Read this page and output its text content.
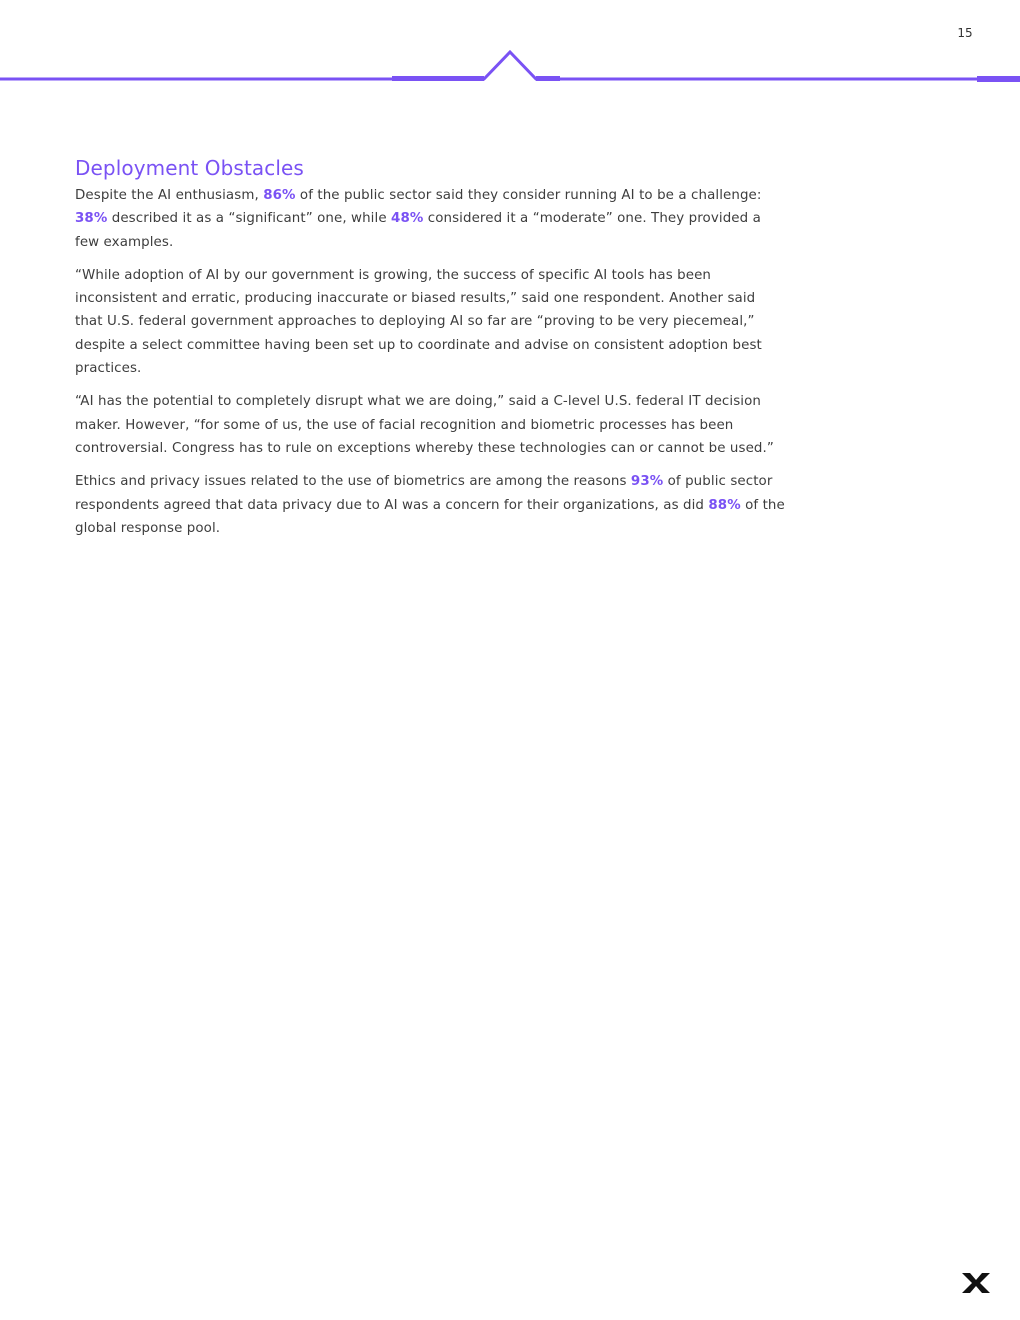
15
Deployment Obstacles

Despite the AI enthusiasm, 86% of the public sector said they consider running AI to be a challenge: 38% described it as a “significant” one, while 48% considered it a “moderate” one. They provided a few examples.

“While adoption of AI by our government is growing, the success of specific AI tools has been inconsistent and erratic, producing inaccurate or biased results,” said one respondent. Another said that U.S. federal government approaches to deploying AI so far are “proving to be very piecemeal,” despite a select committee having been set up to coordinate and advise on consistent adoption best practices.

“AI has the potential to completely disrupt what we are doing,” said a C-level U.S. federal IT decision maker. However, “for some of us, the use of facial recognition and biometric processes has been controversial. Congress has to rule on exceptions whereby these technologies can or cannot be used.”

Ethics and privacy issues related to the use of biometrics are among the reasons 93% of public sector respondents agreed that data privacy due to AI was a concern for their organizations, as did 88% of the global response pool.
